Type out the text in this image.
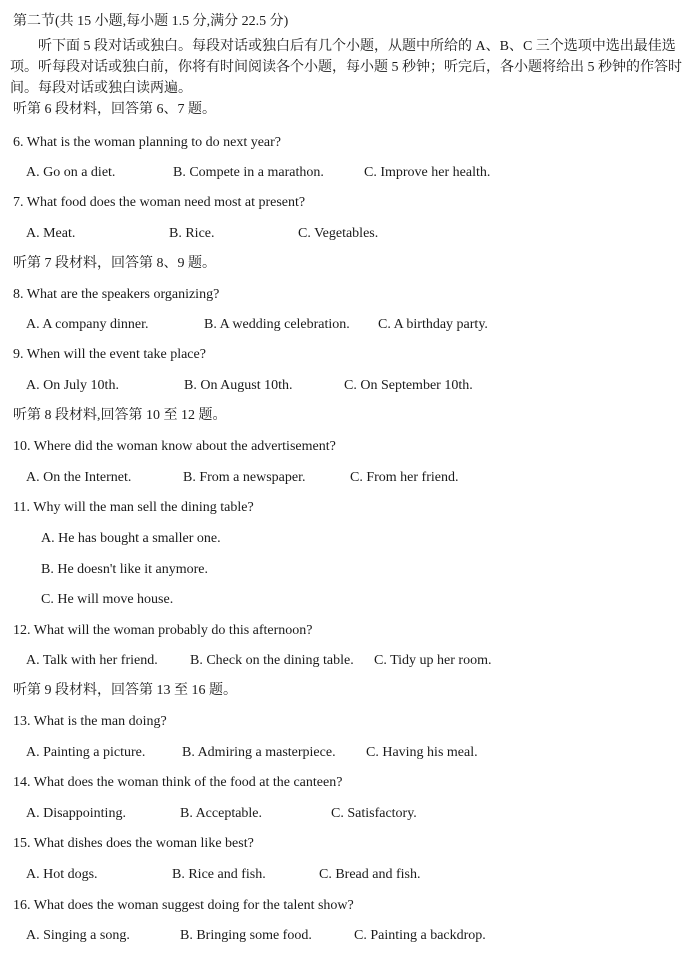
第二节(共 15 小题,每小题 1.5 分,满分 22.5 分)
听下面 5 段对话或独白。每段对话或独白后有几个小题，从题中所给的 A、B、C 三个选项中选出最佳选项。听每段对话或独白前，你将有时间阅读各个小题，每小题 5 秒钟；听完后，各小题将给出 5 秒钟的作答时间。每段对话或独白读两遍。
听第 6 段材料，回答第 6、7 题。
6. What is the woman planning to do next year?
A. Go on a diet.	B. Compete in a marathon.	C. Improve her health.
7. What food does the woman need most at present?
A. Meat.	B. Rice.	C. Vegetables.
听第 7 段材料，回答第 8、9 题。
8. What are the speakers organizing?
A. A company dinner.	B. A wedding celebration. C. A birthday party.
9. When will the event take place?
A. On July 10th.	B. On August 10th.	C. On September 10th.
听第 8 段材料,回答第 10 至 12 题。
10. Where did the woman know about the advertisement?
A. On the Internet.	B. From a newspaper.	C. From her friend.
11. Why will the man sell the dining table?
A. He has bought a smaller one.
B. He doesn't like it anymore.
C. He will move house.
12. What will the woman probably do this afternoon?
A. Talk with her friend. B. Check on the dining table. C. Tidy up her room.
听第 9 段材料，回答第 13 至 16 题。
13. What is the man doing?
A. Painting a picture.	B. Admiring a masterpiece. C. Having his meal.
14. What does the woman think of the food at the canteen?
A. Disappointing.	B. Acceptable.	C. Satisfactory.
15. What dishes does the woman like best?
A. Hot dogs.	B. Rice and fish.	C. Bread and fish.
16. What does the woman suggest doing for the talent show?
A. Singing a song.	B. Bringing some food.	C. Painting a backdrop.
